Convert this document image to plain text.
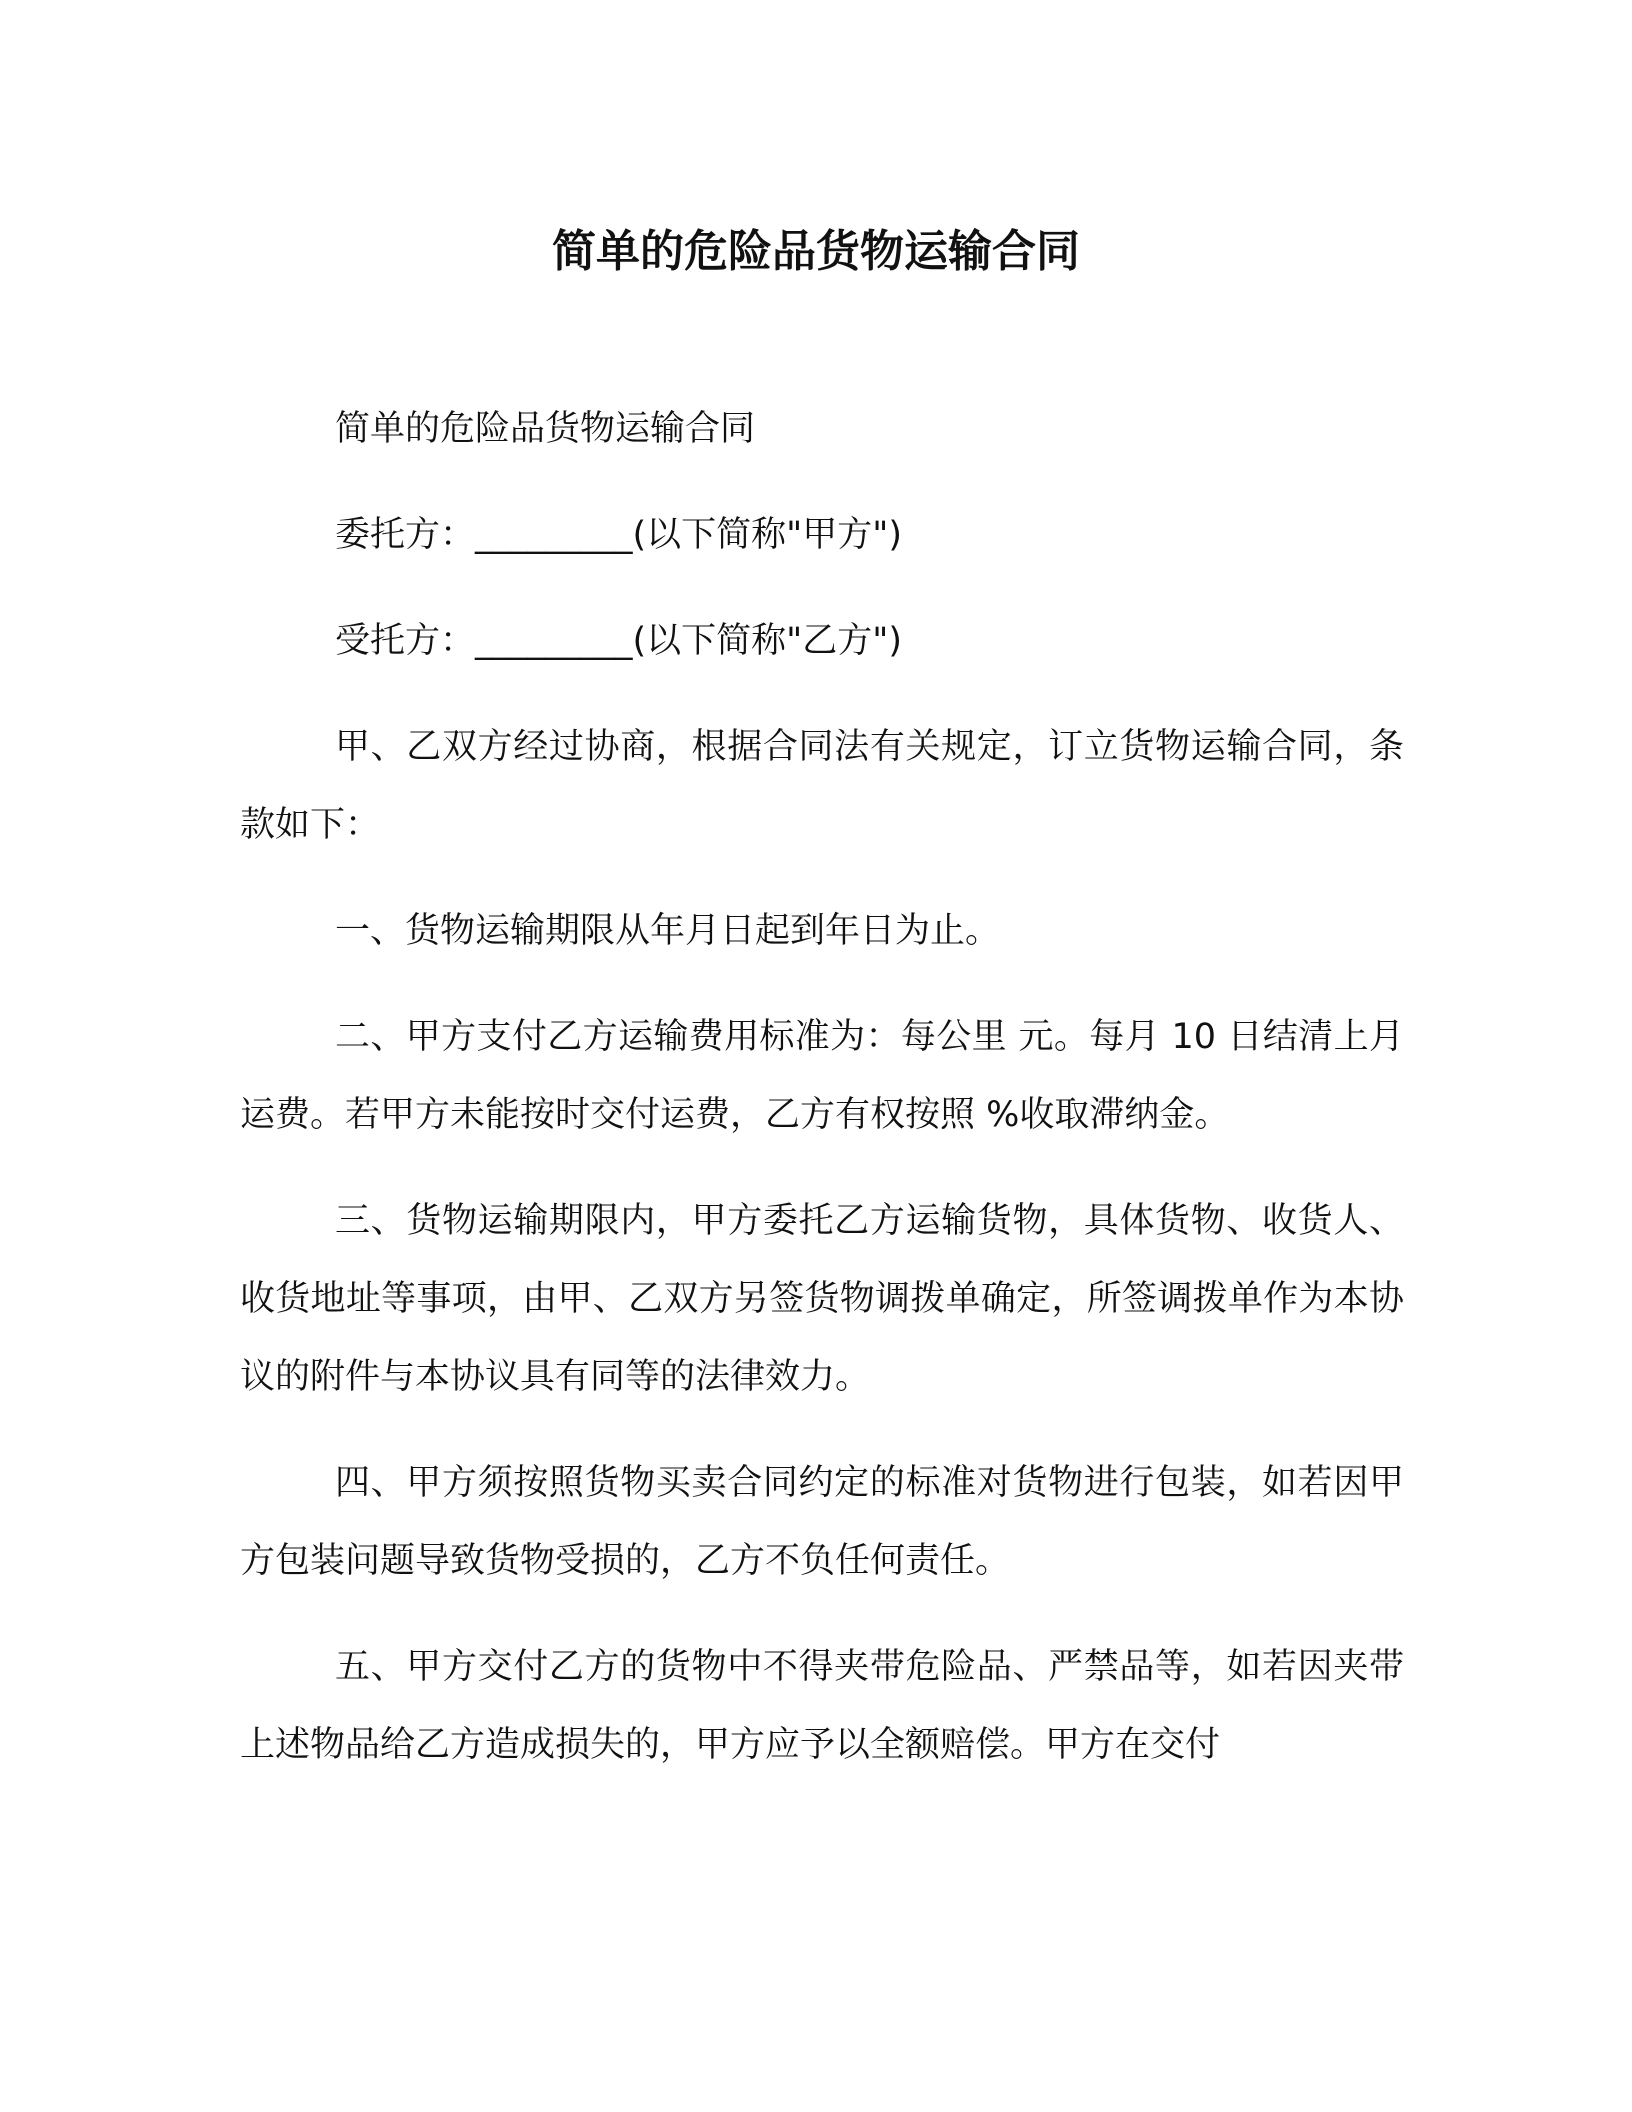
简单的危险品货物运输合同

简单的危险品货物运输合同

委托方：_________(以下简称"甲方")

受托方：_________(以下简称"乙方")

甲、乙双方经过协商，根据合同法有关规定，订立货物运输合同，条款如下：

一、货物运输期限从年月日起到年日为止。

二、甲方支付乙方运输费用标准为：每公里 元。每月 10 日结清上月运费。若甲方未能按时交付运费，乙方有权按照 %收取滞纳金。

三、货物运输期限内，甲方委托乙方运输货物，具体货物、收货人、收货地址等事项，由甲、乙双方另签货物调拨单确定，所签调拨单作为本协议的附件与本协议具有同等的法律效力。

四、甲方须按照货物买卖合同约定的标准对货物进行包装，如若因甲方包装问题导致货物受损的，乙方不负任何责任。

五、甲方交付乙方的货物中不得夹带危险品、严禁品等，如若因夹带上述物品给乙方造成损失的，甲方应予以全额赔偿。甲方在交付
